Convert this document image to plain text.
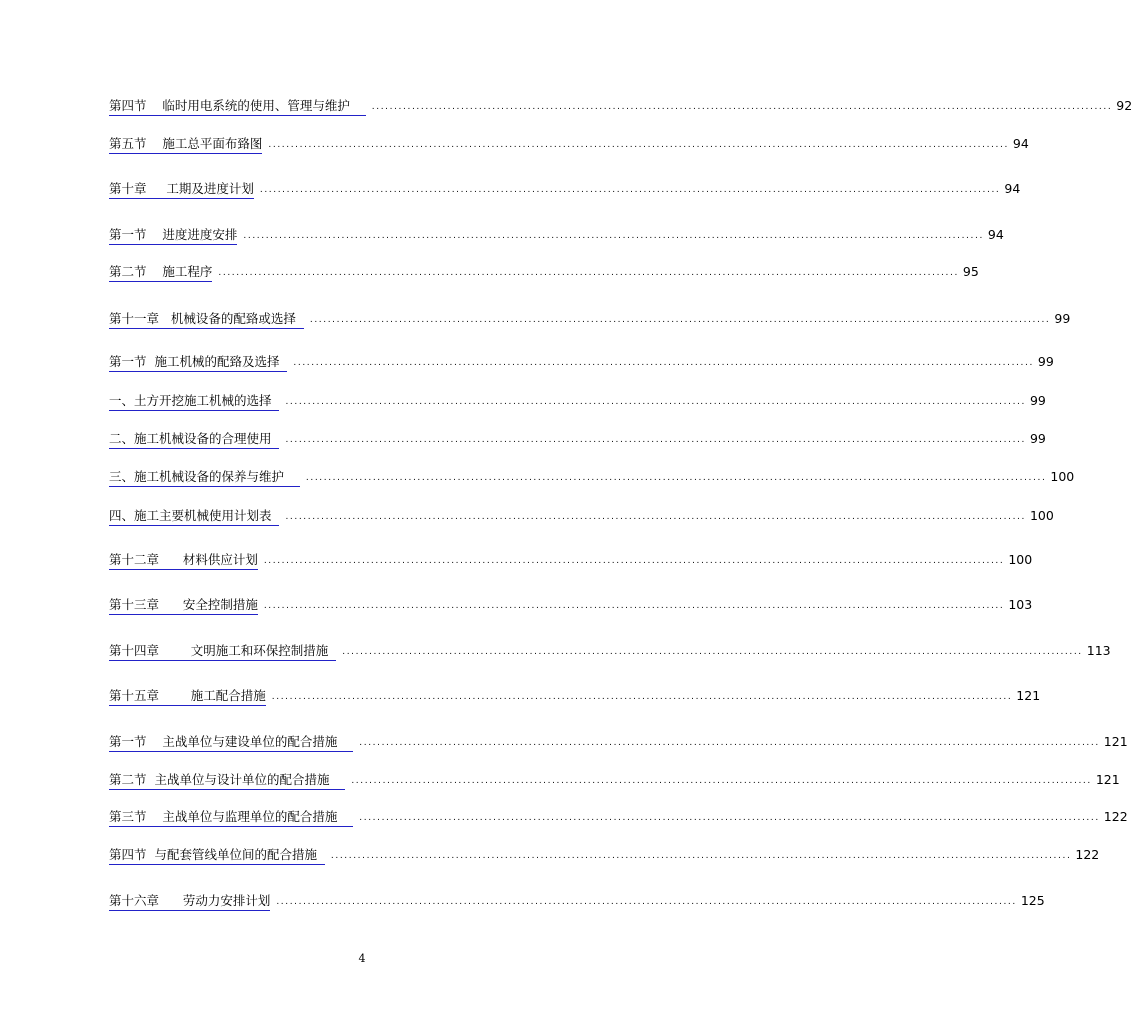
第四节    临时用电系统的使用、管理与维护 ...................................................................................................................................................................... 92
第五节    施工总平面布臵图 ...................................................................................................................................................................... 94
第十章     工期及进度计划 ...................................................................................................................................................................... 94
第一节    进度进度安排 ...................................................................................................................................................................... 94
第二节    施工程序 ...................................................................................................................................................................... 95
第十一章   机械设备的配臵或选择 ...................................................................................................................................................................... 99
第一节  施工机械的配臵及选择 ...................................................................................................................................................................... 99
一、土方开挖施工机械的选择 ...................................................................................................................................................................... 99
二、施工机械设备的合理使用 ...................................................................................................................................................................... 99
三、施工机械设备的保养与维护 ...................................................................................................................................................................... 100
四、施工主要机械使用计划表 ...................................................................................................................................................................... 100
第十二章      材料供应计划 ...................................................................................................................................................................... 100
第十三章      安全控制措施 ...................................................................................................................................................................... 103
第十四章        文明施工和环保控制措施 ...................................................................................................................................................................... 113
第十五章        施工配合措施 ...................................................................................................................................................................... 121
第一节    主战单位与建设单位的配合措施 ...................................................................................................................................................................... 121
第二节  主战单位与设计单位的配合措施 ...................................................................................................................................................................... 121
第三节    主战单位与监理单位的配合措施 ...................................................................................................................................................................... 122
第四节  与配套管线单位间的配合措施 ...................................................................................................................................................................... 122
第十六章      劳动力安排计划 ...................................................................................................................................................................... 125
4
